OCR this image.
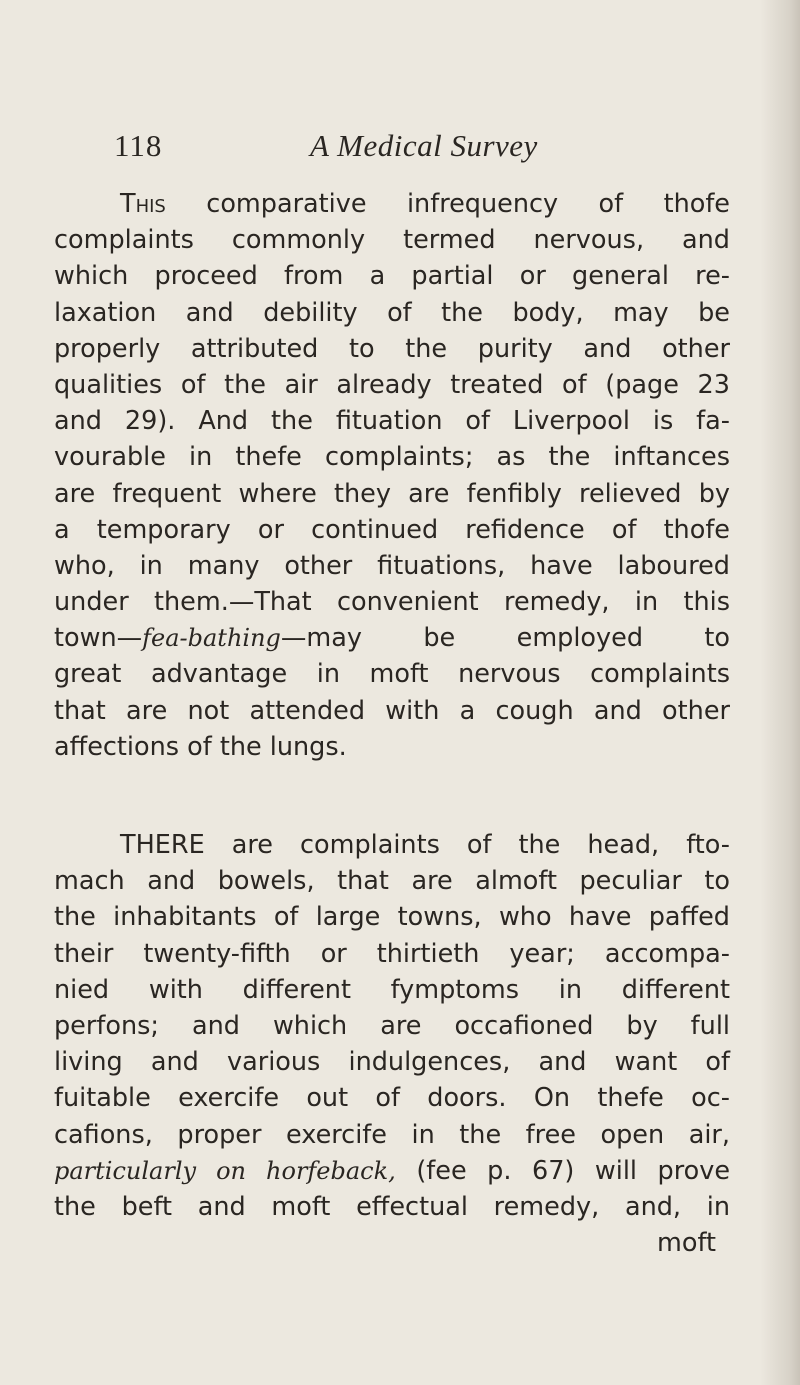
118	A Medical Survey
This comparative infrequency of thofe
complaints commonly termed nervous, and
which proceed from a partial or general re-
laxation and debility of the body, may be
properly attributed to the purity and other
qualities of the air already treated of (page 23
and 29). And the fituation of Liverpool is fa-
vourable in thefe complaints; as the inftances
are frequent where they are fenfibly relieved by
a temporary or continued refidence of thofe
who, in many other fituations, have laboured
under them.—That convenient remedy, in this
town—fea-bathing—may be employed to
great advantage in moft nervous complaints
that are not attended with a cough and other
affections of the lungs.
THERE are complaints of the head, fto-
mach and bowels, that are almoft peculiar to
the inhabitants of large towns, who have paffed
their twenty-fifth or thirtieth year; accompa-
nied with different fymptoms in different
perfons; and which are occafioned by full
living and various indulgences, and want of
fuitable exercife out of doors. On thefe oc-
cafions, proper exercife in the free open air,
particularly on horfeback, (fee p. 67) will prove
the beft and moft effectual remedy, and, in
moft
